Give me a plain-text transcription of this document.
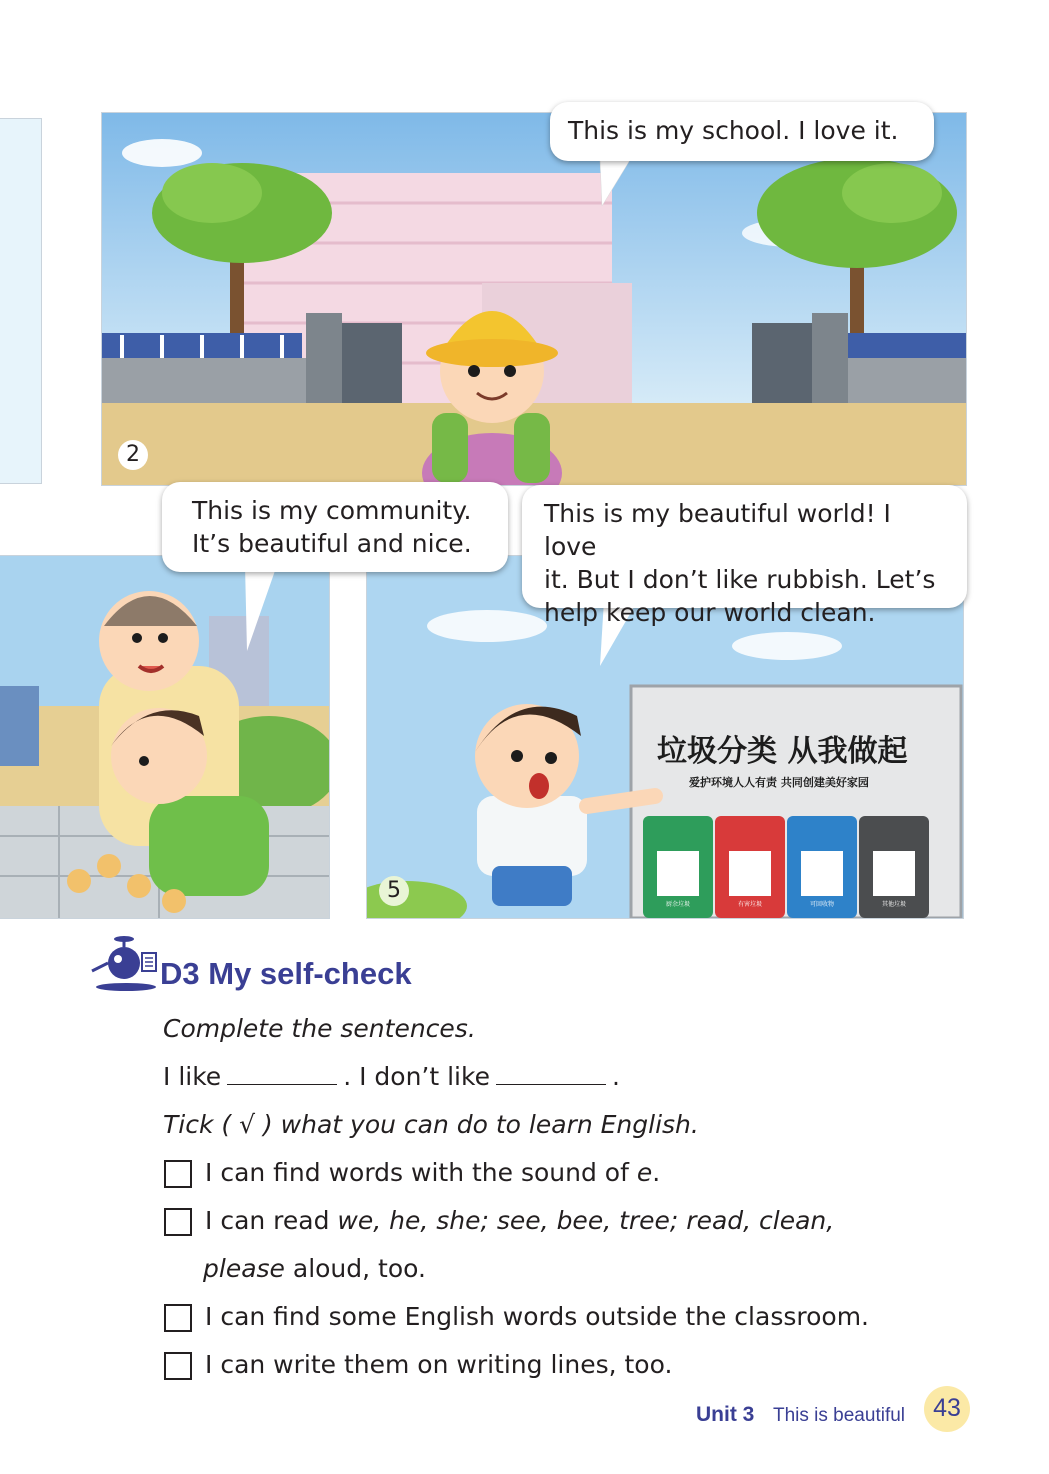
2
This is my school. I love it.
This is my community.
It’s beautiful and nice.
垃圾分类 从我做起
爱护环境人人有责 共同创建美好家园
厨余垃圾	有害垃圾	可回收物	其他垃圾
5
This is my beautiful world! I love
it. But I don’t like rubbish. Let’s
help keep our world clean.
D3 My self-check
Complete the sentences.
I like	. I don’t like	.
Tick ( √ ) what you can do to learn English.
I can find words with the sound of e.
I can read we, he, she; see, bee, tree; read, clean,
please aloud, too.
I can find some English words outside the classroom.
I can write them on writing lines, too.
Unit 3 This is beautiful	43
